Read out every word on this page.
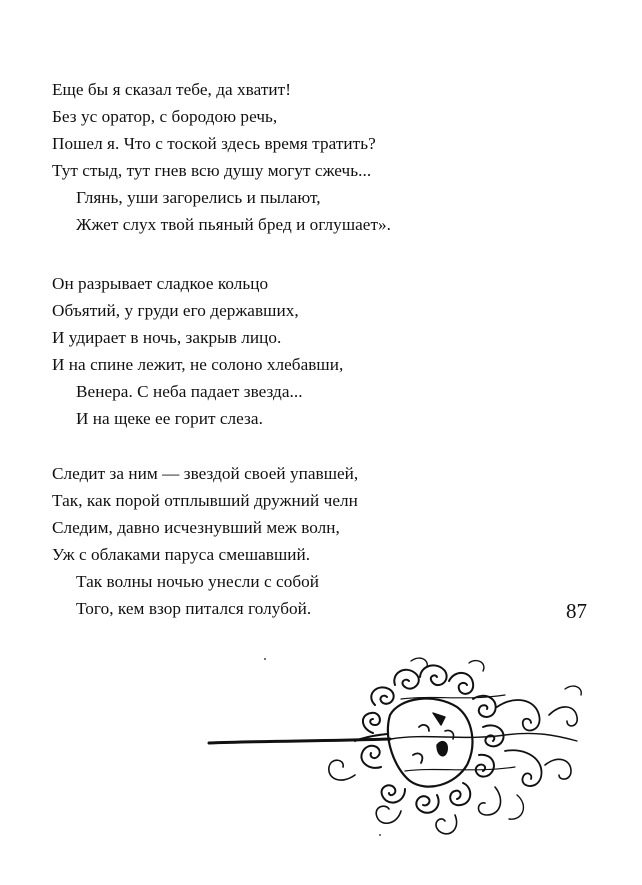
Еще бы я сказал тебе, да хватит!
Без ус оратор, с бородою речь,
Пошел я. Что с тоской здесь время тратить?
Тут стыд, тут гнев всю душу могут сжечь...
Глянь, уши загорелись и пылают,
Жжет слух твой пьяный бред и оглушает».
Он разрывает сладкое кольцо
Объятий, у груди его державших,
И удирает в ночь, закрыв лицо.
И на спине лежит, не солоно хлебавши,
Венера. С неба падает звезда...
И на щеке ее горит слеза.
Следит за ним — звездой своей упавшей,
Так, как порой отплывший дружний челн
Следим, давно исчезнувший меж волн,
Уж с облаками паруса смешавший.
Так волны ночью унесли с собой
Того, кем взор питался голубой.	87
